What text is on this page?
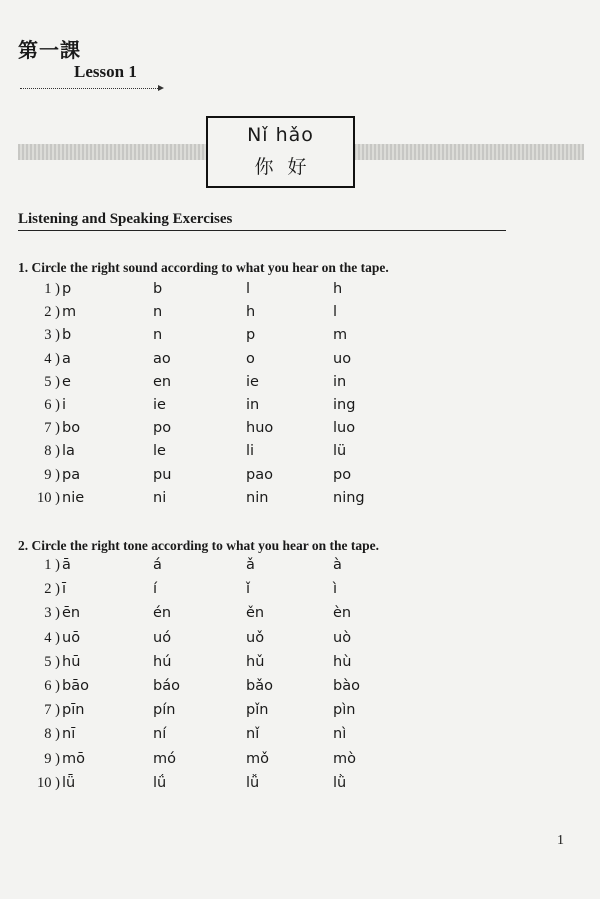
第一課
Lesson 1
Nǐ hǎo
你好
Listening and Speaking Exercises
1. Circle the right sound according to what you hear on the tape.
1 ) p	b	l	h
2 ) m	n	h	l
3 ) b	n	p	m
4 ) a	ao	o	uo
5 ) e	en	ie	in
6 ) i	ie	in	ing
7 ) bo	po	huo	luo
8 ) la	le	li	lü
9 ) pa	pu	pao	po
10 ) nie	ni	nin	ning
2. Circle the right tone according to what you hear on the tape.
1 ) ā	á	ǎ	à
2 ) ī	í	ǐ	ì
3 ) ēn	én	ěn	èn
4 ) uō	uó	uǒ	uò
5 ) hū	hú	hǔ	hù
6 ) bāo	báo	bǎo	bào
7 ) pīn	pín	pǐn	pìn
8 ) nī	ní	nǐ	nì
9 ) mō	mó	mǒ	mò
10 ) lǖ	lǘ	lǚ	lǜ
1
